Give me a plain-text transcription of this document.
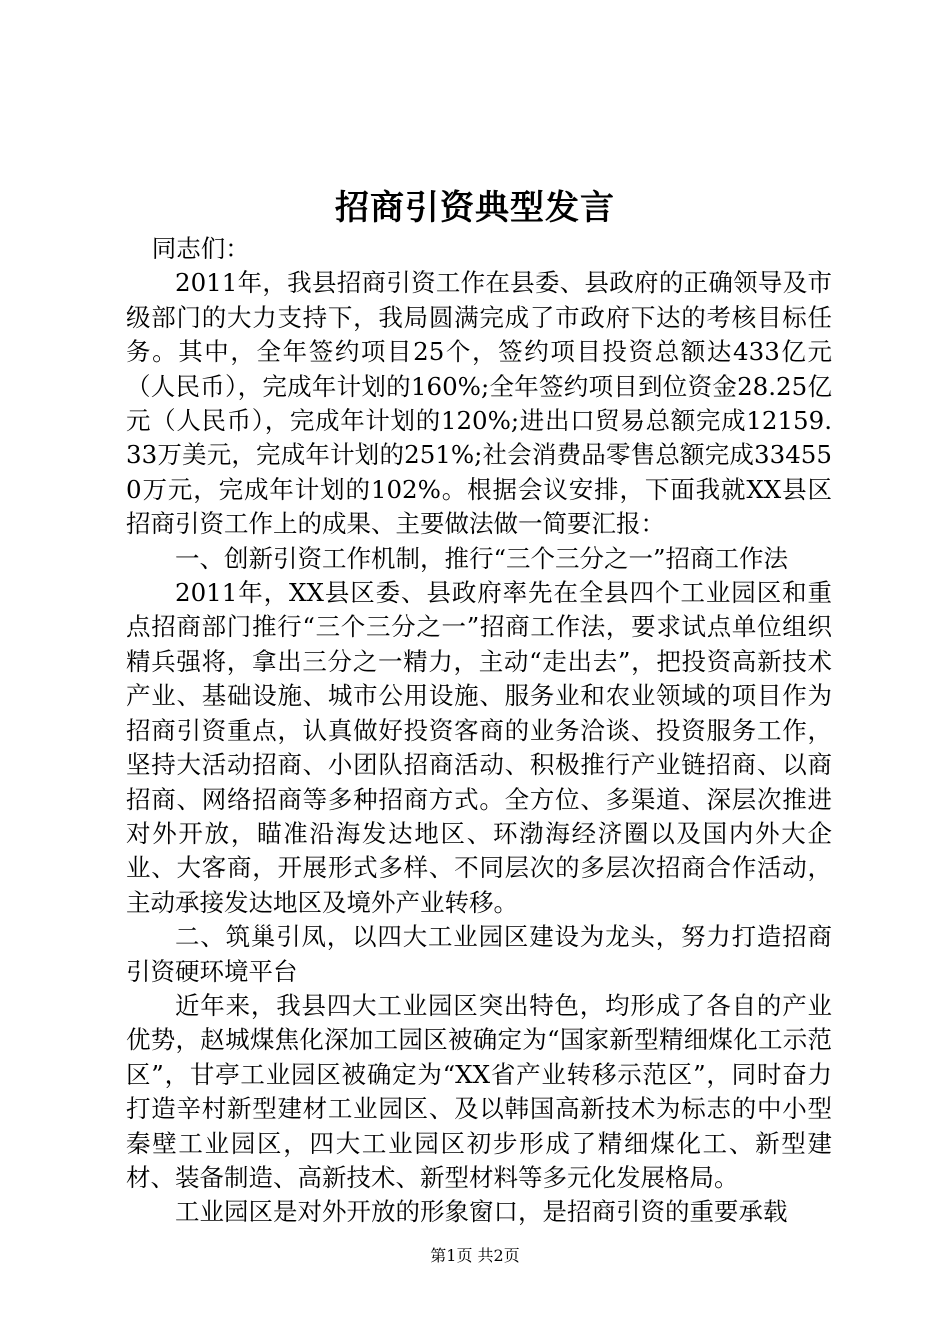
招商引资典型发言

同志们：

2011年，我县招商引资工作在县委、县政府的正确领导及市级部门的大力支持下，我局圆满完成了市政府下达的考核目标任务。其中，全年签约项目25个，签约项目投资总额达433亿元（人民币），完成年计划的160%;全年签约项目到位资金28.25亿元（人民币），完成年计划的120%;进出口贸易总额完成12159.33万美元，完成年计划的251%;社会消费品零售总额完成334550万元，完成年计划的102%。根据会议安排，下面我就XX县区招商引资工作上的成果、主要做法做一简要汇报：

一、创新引资工作机制，推行“三个三分之一”招商工作法

2011年，XX县区委、县政府率先在全县四个工业园区和重点招商部门推行“三个三分之一”招商工作法，要求试点单位组织精兵强将，拿出三分之一精力，主动“走出去”，把投资高新技术产业、基础设施、城市公用设施、服务业和农业领域的项目作为招商引资重点，认真做好投资客商的业务洽谈、投资服务工作，坚持大活动招商、小团队招商活动、积极推行产业链招商、以商招商、网络招商等多种招商方式。全方位、多渠道、深层次推进对外开放，瞄准沿海发达地区、环渤海经济圈以及国内外大企业、大客商，开展形式多样、不同层次的多层次招商合作活动，主动承接发达地区及境外产业转移。

二、筑巢引凤，以四大工业园区建设为龙头，努力打造招商引资硬环境平台

近年来，我县四大工业园区突出特色，均形成了各自的产业优势，赵城煤焦化深加工园区被确定为“国家新型精细煤化工示范区”，甘亭工业园区被确定为“XX省产业转移示范区”，同时奋力打造辛村新型建材工业园区、及以韩国高新技术为标志的中小型秦壁工业园区，四大工业园区初步形成了精细煤化工、新型建材、装备制造、高新技术、新型材料等多元化发展格局。

工业园区是对外开放的形象窗口，是招商引资的重要承载

第1页 共2页
